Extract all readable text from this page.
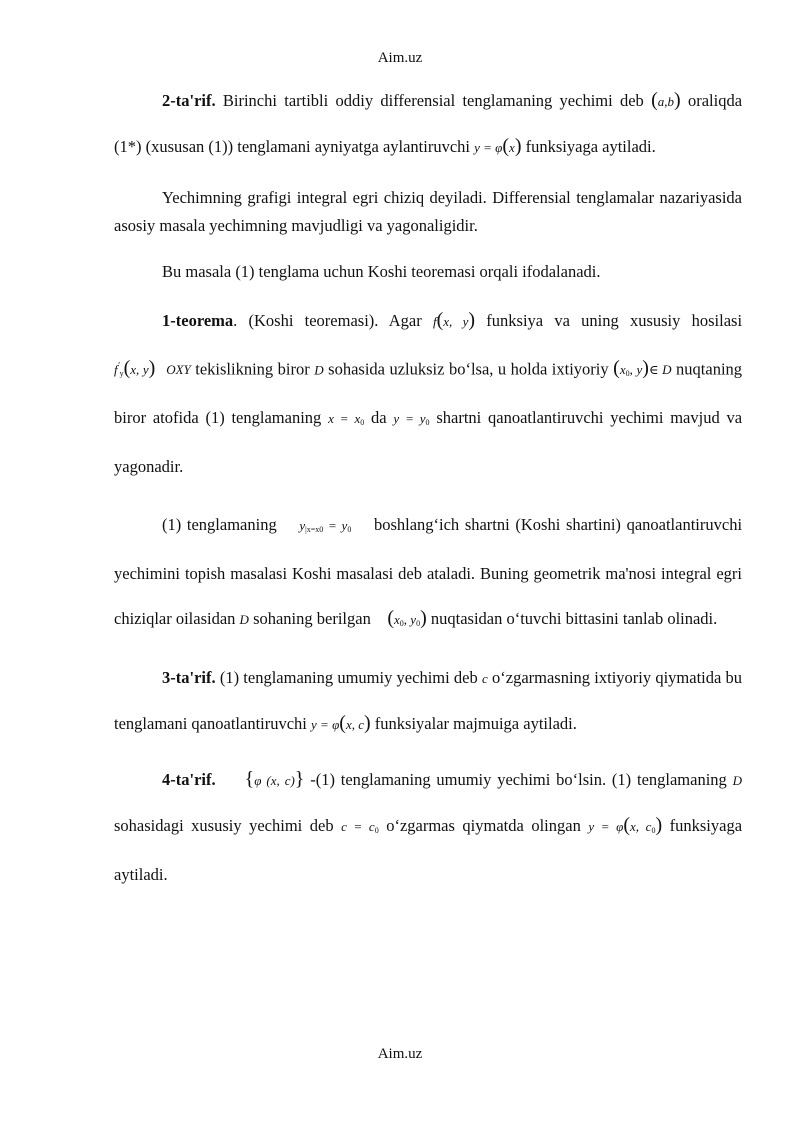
Aim.uz

2-ta'rif. Birinchi tartibli oddiy differensial tenglamaning yechimi deb (a,b) oraliqda (1*) (xususan (1)) tenglamani ayniyatga aylantiruvchi y = φ(x) funksiyaga aytiladi.

Yechimning grafigi integral egri chiziq deyiladi. Differensial tenglamalar nazariyasida asosiy masala yechimning mavjudligi va yagonaligidir.

Bu masala (1) tenglama uchun Koshi teoremasi orqali ifodalanadi.

1-teorema. (Koshi teoremasi). Agar f(x, y) funksiya va uning xususiy hosilasi $f'_y(x$, y) OXY tekislikning biror D sohasida uzluksiz bo‘lsa, u holda ixtiyoriy ($x_0$, y)∈ D nuqtaning biror atofida (1) tenglamaning $x = x_0$ da $y = y_0$ shartni qanoatlantiruvchi yechimi mavjud va yagonadir.

(1) tenglamaning $y_{|x=x0} = y_0$ boshlang‘ich shartni (Koshi shartini) qanoatlantiruvchi yechimini topish masalasi Koshi masalasi deb ataladi. Buning geometrik ma'nosi integral egri chiziqlar oilasidan D sohaning berilgan ($x_0$, $y_0$) nuqtasidan o‘tuvchi bittasini tanlab olinadi.

3-ta'rif. (1) tenglamaning umumiy yechimi deb c o‘zgarmasning ixtiyoriy qiymatida bu tenglamani qanoatlantiruvchi y = φ(x, c) funksiyalar majmuiga aytiladi.

4-ta'rif. {φ (x, c)} -(1) tenglamaning umumiy yechimi bo‘lsin. (1) tenglamaning D sohasidagi xususiy yechimi deb $c = c_0$ o‘zgarmas qiymatda olingan y = φ(x, $c_0$) funksiyaga aytiladi.

Aim.uz
